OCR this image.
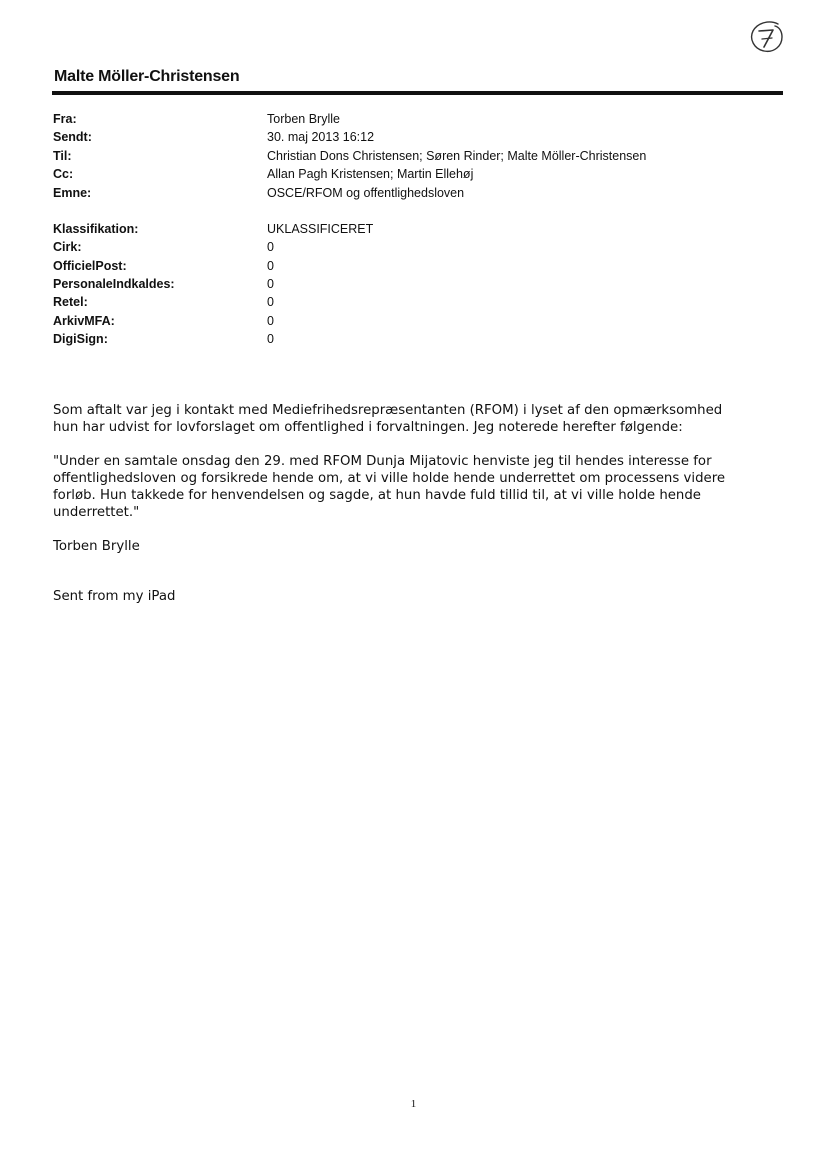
Malte Möller-Christensen
Fra:	Torben Brylle
Sendt:	30. maj 2013 16:12
Til:	Christian Dons Christensen; Søren Rinder; Malte Möller-Christensen
Cc:	Allan Pagh Kristensen; Martin Ellehøj
Emne:	OSCE/RFOM og offentlighedsloven
Klassifikation:	UKLASSIFICERET
Cirk:	0
OfficielPost:	0
PersonaleIndkaldes:	0
Retel:	0
ArkivMFA:	0
DigiSign:	0
Som aftalt var jeg i kontakt med Mediefrihedsrepræsentanten (RFOM) i lyset af den opmærksomhed
hun har udvist for lovforslaget om offentlighed i forvaltningen. Jeg noterede herefter følgende:
"Under en samtale onsdag den 29. med RFOM Dunja Mijatovic henviste jeg til hendes interesse for
offentlighedsloven og forsikrede hende om, at vi ville holde hende underrettet om processens videre
forløb. Hun takkede for henvendelsen og sagde, at hun havde fuld tillid til, at vi ville holde hende
underrettet."
Torben Brylle
Sent from my iPad
1
